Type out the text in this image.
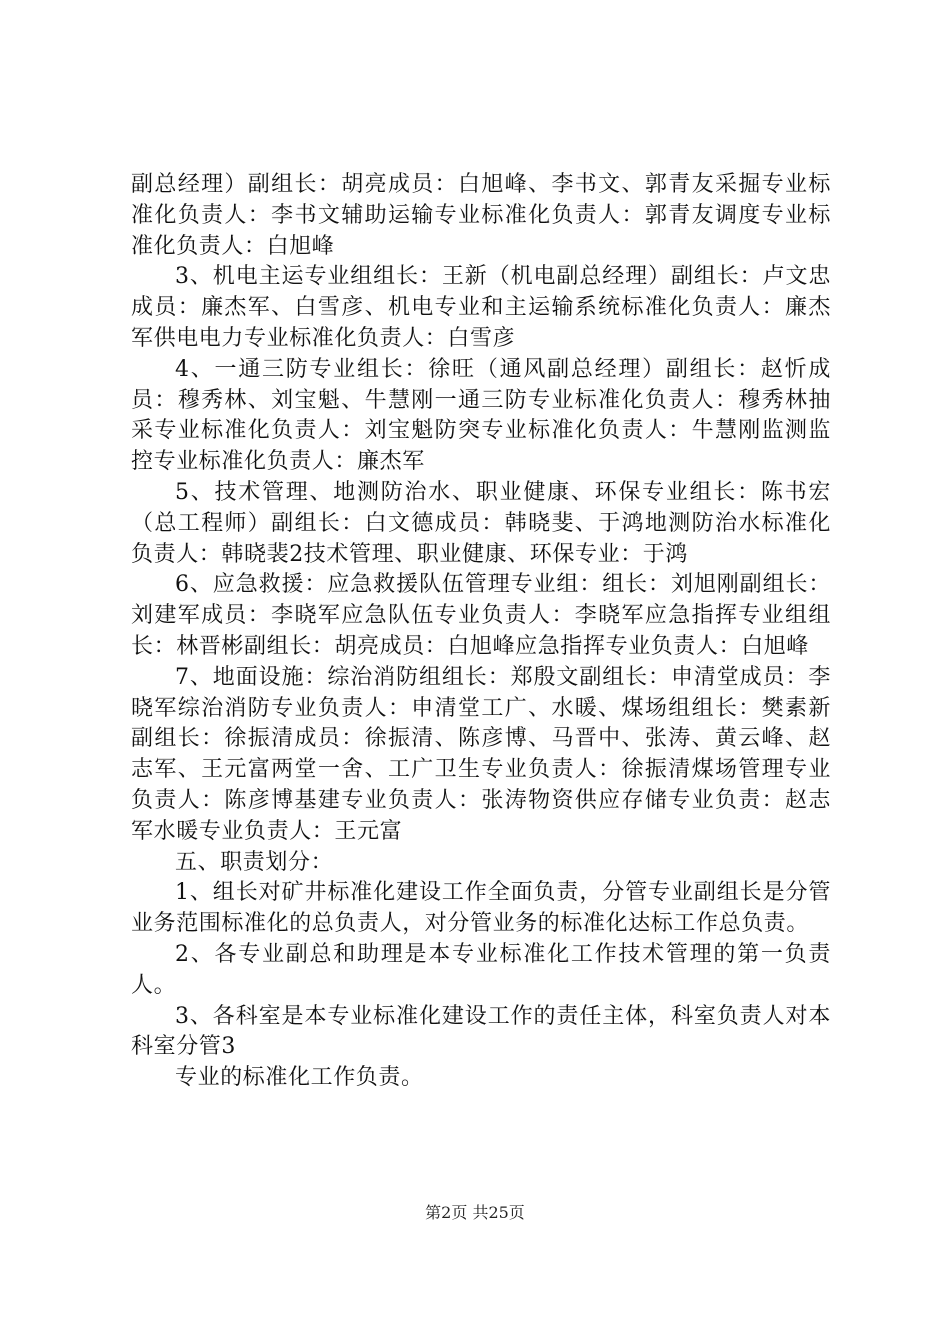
副总经理）副组长：胡亮成员：白旭峰、李书文、郭青友采掘专业标准化负责人：李书文辅助运输专业标准化负责人：郭青友调度专业标准化负责人：白旭峰

3、机电主运专业组组长：王新（机电副总经理）副组长：卢文忠成员：廉杰军、白雪彦、机电专业和主运输系统标准化负责人：廉杰军供电电力专业标准化负责人：白雪彦

4、一通三防专业组长：徐旺（通风副总经理）副组长：赵忻成员：穆秀林、刘宝魁、牛慧刚一通三防专业标准化负责人：穆秀林抽采专业标准化负责人：刘宝魁防突专业标准化负责人：牛慧刚监测监控专业标准化负责人：廉杰军

5、技术管理、地测防治水、职业健康、环保专业组长：陈书宏（总工程师）副组长：白文德成员：韩晓斐、于鸿地测防治水标准化负责人：韩晓裴2技术管理、职业健康、环保专业：于鸿

6、应急救援：应急救援队伍管理专业组：组长：刘旭刚副组长：刘建军成员：李晓军应急队伍专业负责人：李晓军应急指挥专业组组长：林晋彬副组长：胡亮成员：白旭峰应急指挥专业负责人：白旭峰

7、地面设施：综治消防组组长：郑殷文副组长：申清堂成员：李晓军综治消防专业负责人：申清堂工广、水暖、煤场组组长：樊素新副组长：徐振清成员：徐振清、陈彦博、马晋中、张涛、黄云峰、赵志军、王元富两堂一舍、工广卫生专业负责人：徐振清煤场管理专业负责人：陈彦博基建专业负责人：张涛物资供应存储专业负责：赵志军水暖专业负责人：王元富

五、职责划分：

1、组长对矿井标准化建设工作全面负责，分管专业副组长是分管业务范围标准化的总负责人，对分管业务的标准化达标工作总负责。

2、各专业副总和助理是本专业标准化工作技术管理的第一负责人。

3、各科室是本专业标准化建设工作的责任主体，科室负责人对本科室分管3

专业的标准化工作负责。

第2页 共25页
